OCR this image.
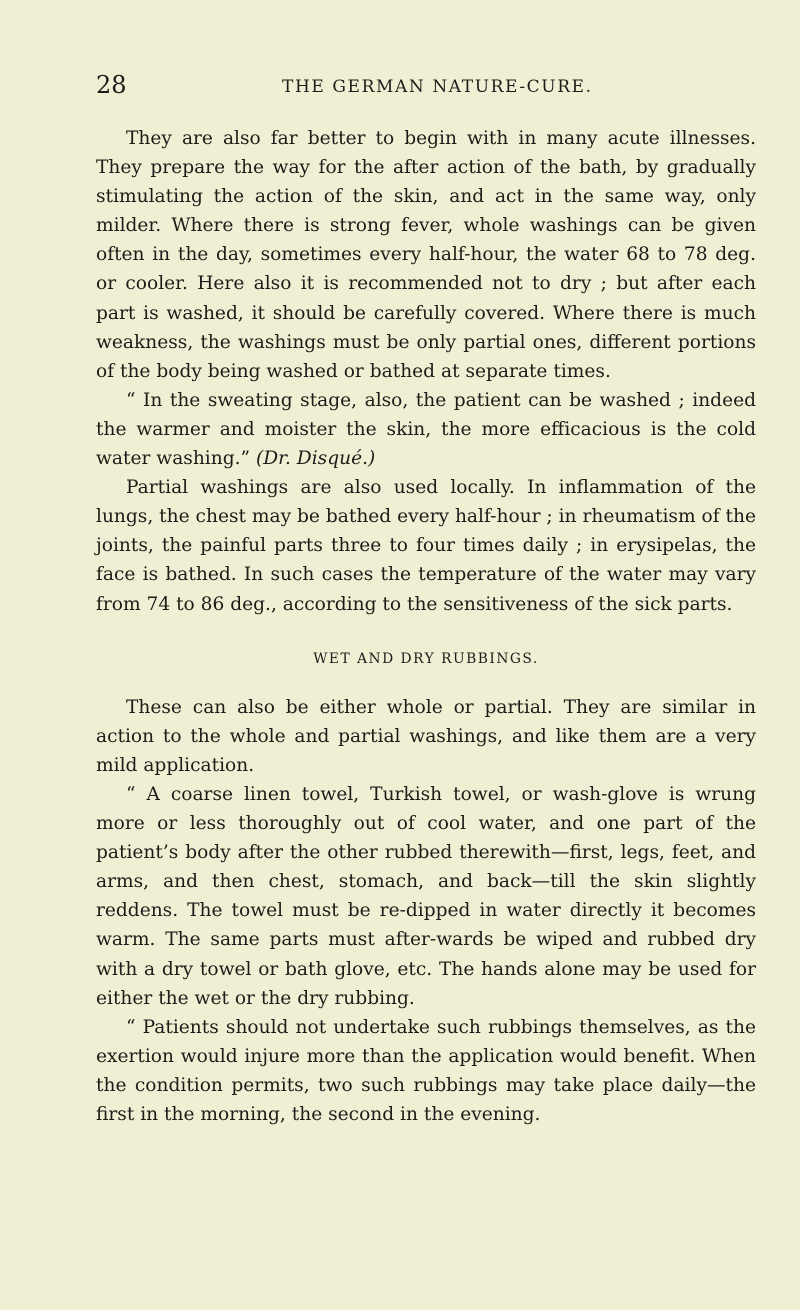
28	THE GERMAN NATURE-CURE.

They are also far better to begin with in many acute illnesses. They prepare the way for the after action of the bath, by gradually stimulating the action of the skin, and act in the same way, only milder. Where there is strong fever, whole washings can be given often in the day, sometimes every half-hour, the water 68 to 78 deg. or cooler. Here also it is recommended not to dry ; but after each part is washed, it should be carefully covered. Where there is much weakness, the washings must be only partial ones, different portions of the body being washed or bathed at separate times.

“ In the sweating stage, also, the patient can be washed ; indeed the warmer and moister the skin, the more efficacious is the cold water washing.” (Dr. Disqué.)

Partial washings are also used locally. In inflammation of the lungs, the chest may be bathed every half-hour ; in rheumatism of the joints, the painful parts three to four times daily ; in erysipelas, the face is bathed. In such cases the temperature of the water may vary from 74 to 86 deg., according to the sensitiveness of the sick parts.

WET AND DRY RUBBINGS.

These can also be either whole or partial. They are similar in action to the whole and partial washings, and like them are a very mild application.

“ A coarse linen towel, Turkish towel, or wash-glove is wrung more or less thoroughly out of cool water, and one part of the patient’s body after the other rubbed therewith—first, legs, feet, and arms, and then chest, stomach, and back—till the skin slightly reddens. The towel must be re-dipped in water directly it becomes warm. The same parts must after-wards be wiped and rubbed dry with a dry towel or bath glove, etc. The hands alone may be used for either the wet or the dry rubbing.

“ Patients should not undertake such rubbings themselves, as the exertion would injure more than the application would benefit. When the condition permits, two such rubbings may take place daily—the first in the morning, the second in the evening.
